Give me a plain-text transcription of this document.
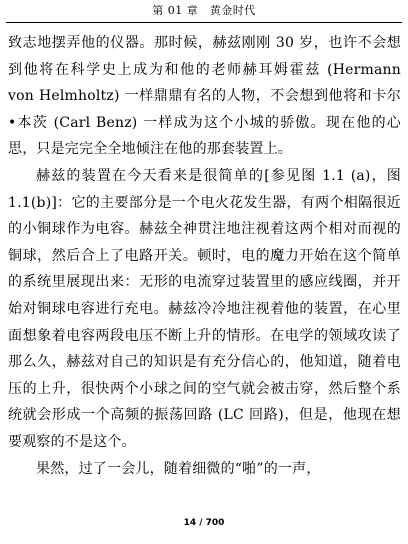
第 01 章　黄金时代

致志地摆弄他的仪器。那时候，赫兹刚刚 30 岁，也许不会想到他将在科学史上成为和他的老师赫耳姆霍兹 (Hermann von Helmholtz) 一样鼎鼎有名的人物，不会想到他将和卡尔•本茨 (Carl Benz) 一样成为这个小城的骄傲。现在他的心思，只是完完全全地倾注在他的那套装置上。

赫兹的装置在今天看来是很简单的[参见图 1.1 (a)，图 1.1(b)]：它的主要部分是一个电火花发生器，有两个相隔很近的小铜球作为电容。赫兹全神贯注地注视着这两个相对而视的铜球，然后合上了电路开关。顿时，电的魔力开始在这个简单的系统里展现出来：无形的电流穿过装置里的感应线圈，并开始对铜球电容进行充电。赫兹冷冷地注视着他的装置，在心里面想象着电容两段电压不断上升的情形。在电学的领域攻读了那么久，赫兹对自己的知识是有充分信心的，他知道，随着电压的上升，很快两个小球之间的空气就会被击穿，然后整个系统就会形成一个高频的振荡回路 (LC 回路)，但是，他现在想要观察的不是这个。

果然，过了一会儿，随着细微的“啪”的一声，

14 / 700
